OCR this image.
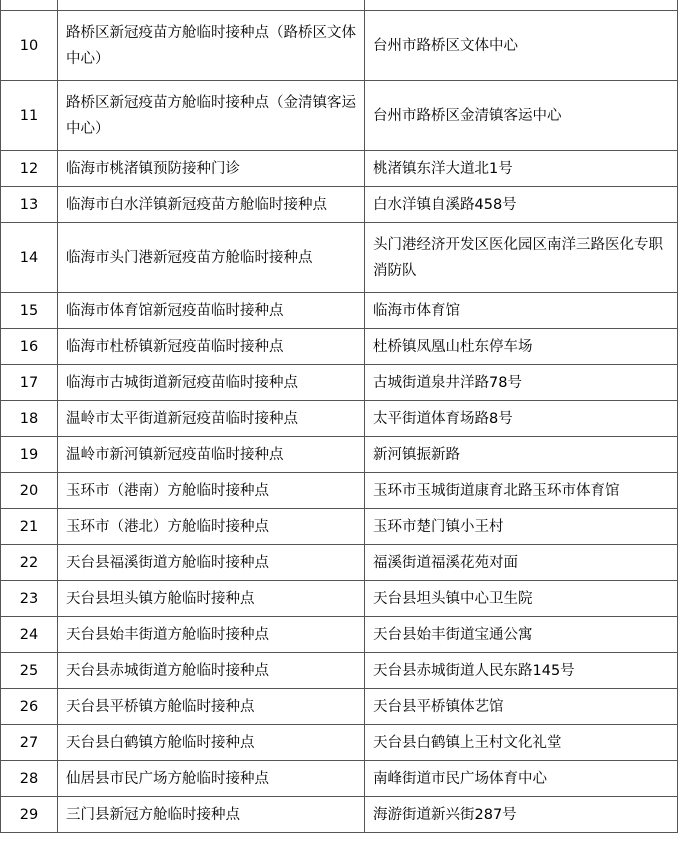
10	路桥区新冠疫苗方舱临时接种点（路桥区文体中心）	台州市路桥区文体中心
11	路桥区新冠疫苗方舱临时接种点（金清镇客运中心）	台州市路桥区金清镇客运中心
12	临海市桃渚镇预防接种门诊	桃渚镇东洋大道北1号
13	临海市白水洋镇新冠疫苗方舱临时接种点	白水洋镇自溪路458号
14	临海市头门港新冠疫苗方舱临时接种点	头门港经济开发区医化园区南洋三路医化专职消防队
15	临海市体育馆新冠疫苗临时接种点	临海市体育馆
16	临海市杜桥镇新冠疫苗临时接种点	杜桥镇凤凰山杜东停车场
17	临海市古城街道新冠疫苗临时接种点	古城街道泉井洋路78号
18	温岭市太平街道新冠疫苗临时接种点	太平街道体育场路8号
19	温岭市新河镇新冠疫苗临时接种点	新河镇振新路
20	玉环市（港南）方舱临时接种点	玉环市玉城街道康育北路玉环市体育馆
21	玉环市（港北）方舱临时接种点	玉环市楚门镇小王村
22	天台县福溪街道方舱临时接种点	福溪街道福溪花苑对面
23	天台县坦头镇方舱临时接种点	天台县坦头镇中心卫生院
24	天台县始丰街道方舱临时接种点	天台县始丰街道宝通公寓
25	天台县赤城街道方舱临时接种点	天台县赤城街道人民东路145号
26	天台县平桥镇方舱临时接种点	天台县平桥镇体艺馆
27	天台县白鹤镇方舱临时接种点	天台县白鹤镇上王村文化礼堂
28	仙居县市民广场方舱临时接种点	南峰街道市民广场体育中心
29	三门县新冠方舱临时接种点	海游街道新兴街287号
